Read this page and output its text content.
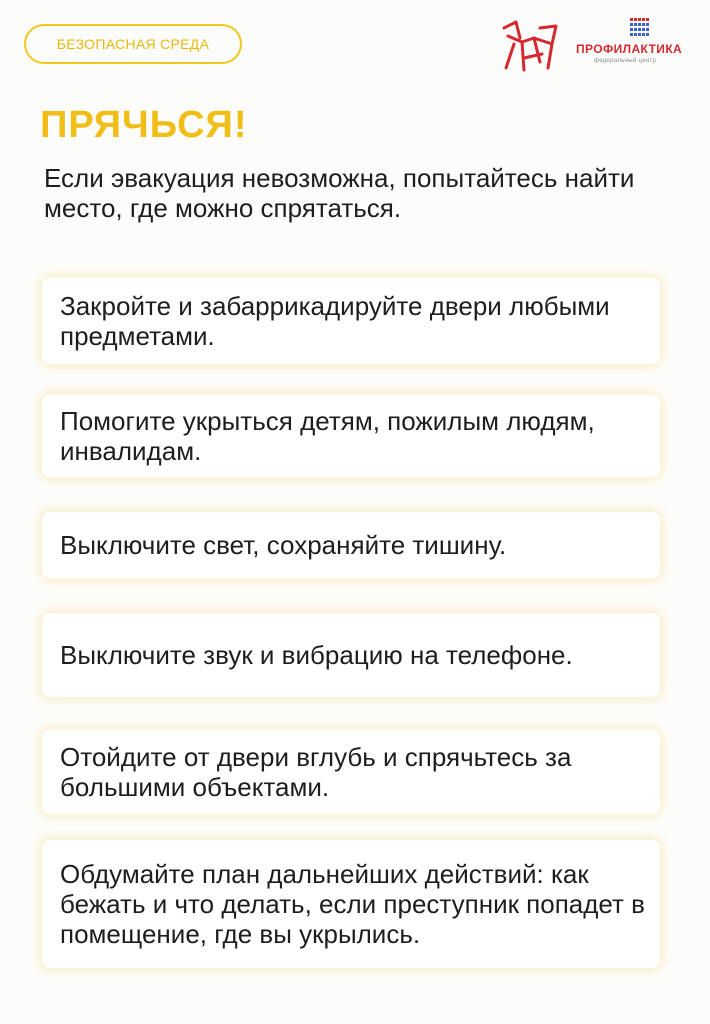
БЕЗОПАСНАЯ СРЕДА	ПРОФИЛАКТИКА
федеральный центр
ПРЯЧЬСЯ!

Если эвакуация невозможна, попытайтесь найти место, где можно спрятаться.

Закройте и забаррикадируйте двери любыми предметами.
Помогите укрыться детям, пожилым людям, инвалидам.
Выключите свет, сохраняйте тишину.
Выключите звук и вибрацию на телефоне.
Отойдите от двери вглубь и спрячьтесь за большими объектами.
Обдумайте план дальнейших действий: как бежать и что делать, если преступник попадет в помещение, где вы укрылись.
